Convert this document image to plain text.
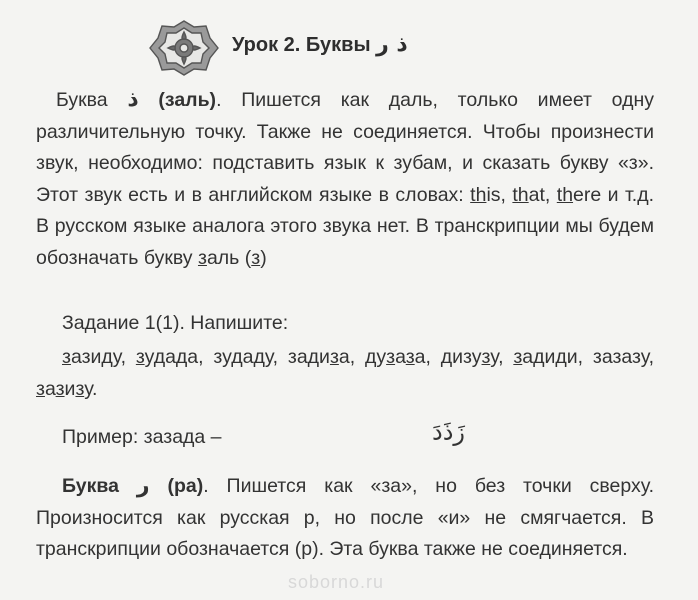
Урок 2. Буквы ذ ر
Буква ذ (заль). Пишется как даль, только имеет одну различительную точку. Также не соединяется. Чтобы произнести звук, необходимо: подставить язык к зубам, и сказать букву «з». Этот звук есть и в английском языке в словах: this, that, there и т.д. В русском языке аналога этого звука нет. В транскрипции мы будем обозначать букву заль (з)
Задание 1(1). Напишите:
зазиду, зудада, зудаду, задиза, дузаза, дизузу, задиди, зазазу, зазизу.
Пример: зазада –	زَذَدَ
Буква ر (ра). Пишется как «за», но без точки сверху. Произносится как русская р, но после «и» не смягчается. В транскрипции обозначается (р). Эта буква также не соединяется.
soborno.ru
